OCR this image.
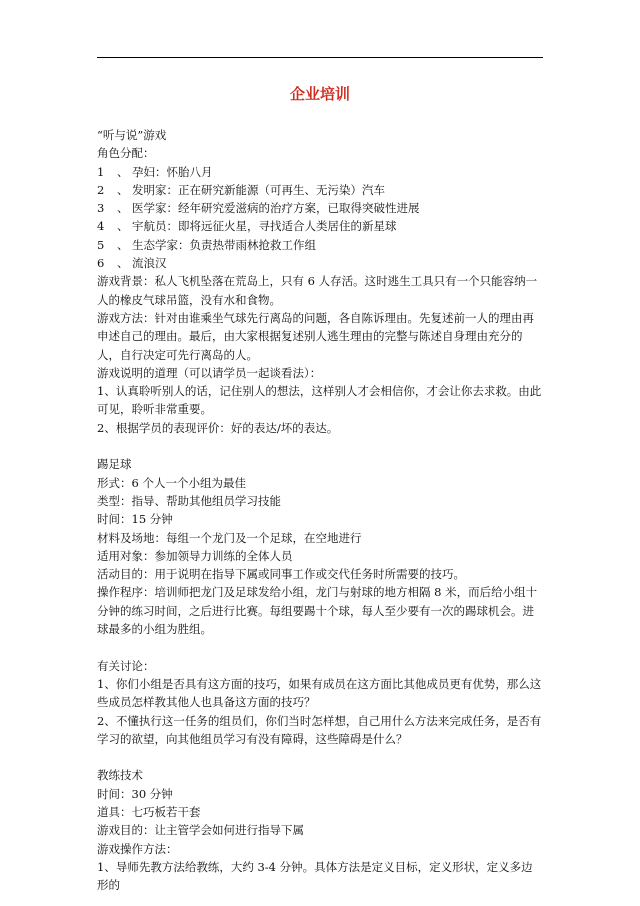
企业培训

“听与说”游戏

角色分配：

1	、 孕妇：怀胎八月
2	、 发明家：正在研究新能源（可再生、无污染）汽车
3	、 医学家：经年研究爱滋病的治疗方案，已取得突破性进展
4	、 宇航员：即将远征火星，寻找适合人类居住的新星球
5	、 生态学家：负责热带雨林抢救工作组
6	、 流浪汉

游戏背景：私人飞机坠落在荒岛上，只有 6 人存活。这时逃生工具只有一个只能容纳一人的橡皮气球吊篮，没有水和食物。

游戏方法：针对由谁乘坐气球先行离岛的问题，各自陈诉理由。先复述前一人的理由再申述自己的理由。最后，由大家根据复述别人逃生理由的完整与陈述自身理由充分的人，自行决定可先行离岛的人。

游戏说明的道理（可以请学员一起谈看法）：

1、认真聆听别人的话，记住别人的想法，这样别人才会相信你，才会让你去求救。由此可见，聆听非常重要。

2、根据学员的表现评价：好的表达/坏的表达。

踢足球

形式：6 个人一个小组为最佳

类型：指导、帮助其他组员学习技能

时间：15 分钟

材料及场地：每组一个龙门及一个足球，在空地进行

适用对象：参加领导力训练的全体人员

活动目的：用于说明在指导下属或同事工作或交代任务时所需要的技巧。

操作程序：培训师把龙门及足球发给小组，龙门与射球的地方相隔 8 米，而后给小组十分钟的练习时间，之后进行比赛。每组要踢十个球，每人至少要有一次的踢球机会。进球最多的小组为胜组。

有关讨论：

1、你们小组是否具有这方面的技巧，如果有成员在这方面比其他成员更有优势，那么这些成员怎样教其他人也具备这方面的技巧？

2、不懂执行这一任务的组员们，你们当时怎样想，自己用什么方法来完成任务，是否有学习的欲望，向其他组员学习有没有障碍，这些障碍是什么？

教练技术

时间：30 分钟

道具：七巧板若干套

游戏目的：让主管学会如何进行指导下属

游戏操作方法：

1、导师先教方法给教练，大约 3-4 分钟。具体方法是定义目标，定义形状，定义多边形的
